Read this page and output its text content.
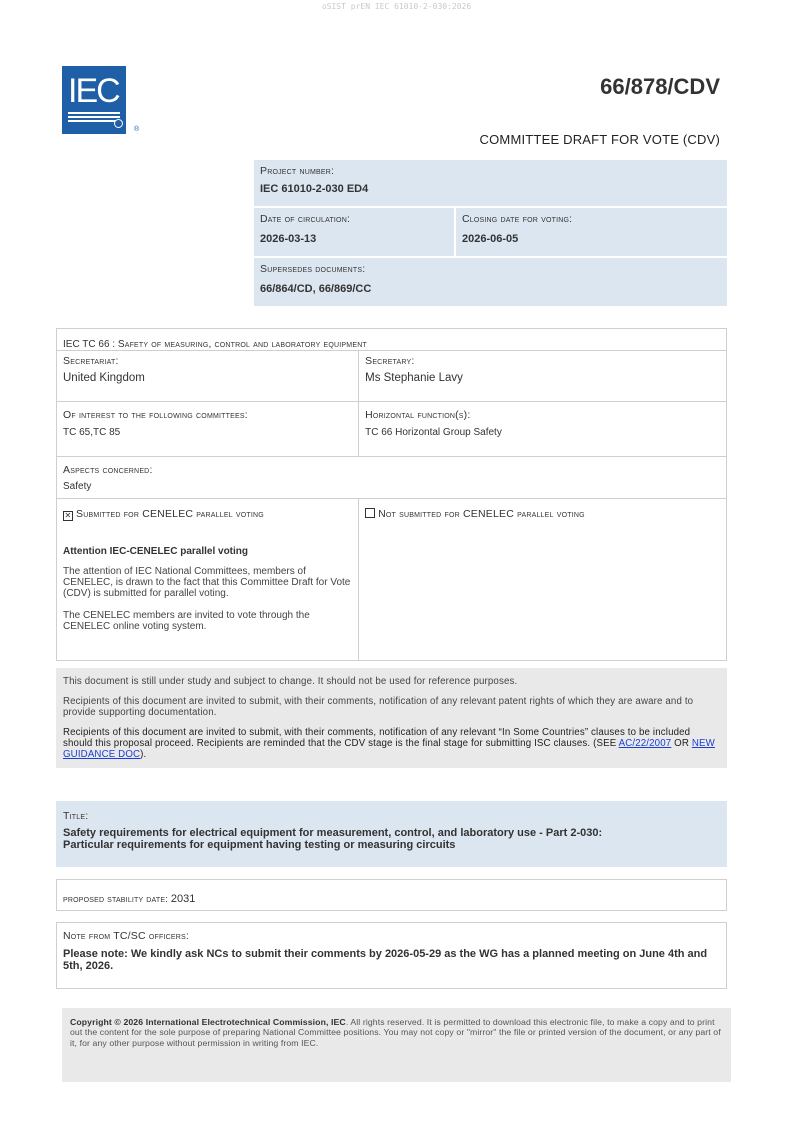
oSIST prEN IEC 61010-2-030:2026
IEC
®
66/878/CDV
COMMITTEE DRAFT FOR VOTE (CDV)
Project number:
IEC 61010-2-030 ED4
Date of circulation:
2026-03-13
Closing date for voting:
2026-06-05
Supersedes documents:
66/864/CD, 66/869/CC
IEC TC 66 : Safety of measuring, control and laboratory equipment
Secretariat:
United Kingdom
Secretary:
Ms Stephanie Lavy
Of interest to the following committees:
TC 65,TC 85
Horizontal function(s):
TC 66 Horizontal Group Safety
Aspects concerned:
Safety
✕ Submitted for CENELEC parallel voting
Attention IEC-CENELEC parallel voting
The attention of IEC National Committees, members of CENELEC, is drawn to the fact that this Committee Draft for Vote (CDV) is submitted for parallel voting.
The CENELEC members are invited to vote through the CENELEC online voting system.
Not submitted for CENELEC parallel voting

This document is still under study and subject to change. It should not be used for reference purposes.

Recipients of this document are invited to submit, with their comments, notification of any relevant patent rights of which they are aware and to provide supporting documentation.

Recipients of this document are invited to submit, with their comments, notification of any relevant “In Some Countries” clauses to be included should this proposal proceed. Recipients are reminded that the CDV stage is the final stage for submitting ISC clauses. (SEE AC/22/2007 OR NEW GUIDANCE DOC).

Title:
Safety requirements for electrical equipment for measurement, control, and laboratory use - Part 2-030:
Particular requirements for equipment having testing or measuring circuits
proposed stability date: 2031
Note from TC/SC officers:
Please note: We kindly ask NCs to submit their comments by 2026-05-29 as the WG has a planned meeting on June 4th and 5th, 2026.
Copyright © 2026 International Electrotechnical Commission, IEC. All rights reserved. It is permitted to download this electronic file, to make a copy and to print out the content for the sole purpose of preparing National Committee positions. You may not copy or "mirror" the file or printed version of the document, or any part of it, for any other purpose without permission in writing from IEC.
